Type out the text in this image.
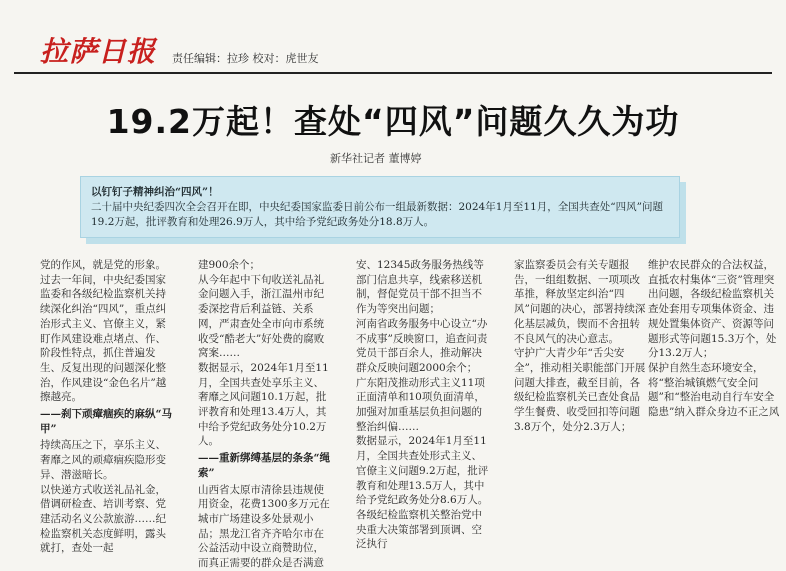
拉萨日报 责任编辑：拉珍 校对：虎世友
19.2万起！查处“四风”问题久久为功
新华社记者 董博婷
以钉钉子精神纠治“四风”！
二十届中央纪委四次全会召开在即，中央纪委国家监委日前公布一组最新数据：2024年1月至11月，全国共查处“四风”问题19.2万起，批评教育和处理26.9万人，其中给予党纪政务处分18.8万人。

党的作风，就是党的形象。

过去一年间，中央纪委国家监委和各级纪检监察机关持续深化纠治“四风”，重点纠治形式主义、官僚主义，紧盯作风建设难点堵点、作、阶段性特点，抓住普遍发生、反复出现的问题深化整治，作风建设“金色名片”越擦越亮。

——刹下顽瘴痼疾的麻纵“马甲”

持续高压之下，享乐主义、奢靡之风的顽瘴痼疾隐形变异、潜滋暗长。

以快递方式收送礼品礼金，借调研检查、培训考察、党建活动名义公款旅游……纪检监察机关态度鲜明，露头就打，查处一起

建900余个；

从今年起中下旬收送礼品礼金问题入手，浙江温州市纪委深挖背后利益链、关系网，严肃查处全市向市系统收受“酷老大”好处费的腐败窝案……

数据显示，2024年1月至11月，全国共查处享乐主义、奢靡之风问题10.1万起，批评教育和处理13.4万人，其中给予党纪政务处分10.2万人。

——重新绑缚基层的条条“绳索”

山西省太原市清徐县违规使用资金，花费1300多万元在城市广场建设多处景观小品；黑龙江省齐齐哈尔市在公益活动中设立商赞助位，而真正需要的群众是否满意

安、12345政务服务热线等部门信息共享，线索移送机制，督促党员干部不担当不作为等突出问题；

河南省政务服务中心设立“办不成事”反映窗口，追查问责党员干部百余人，推动解决群众反映问题2000余个；

广东阳茂推动形式主义11项正面清单和10项负面清单，加强对加重基层负担问题的整治纠偏……

数据显示，2024年1月至11月，全国共查处形式主义、官僚主义问题9.2万起，批评教育和处理13.5万人，其中给予党纪政务处分8.6万人。

各级纪检监察机关整治党中央重大决策部署到顶调、空泛执行

家监察委员会有关专题报告，一组组数据、一项项改革推，释放坚定纠治“四风”问题的决心，部署持续深化基层减负，锲而不舍扭转不良风气的决心意志。

守护广大青少年“舌尖安全”，推动相关职能部门开展问题大排查，截至目前，各级纪检监察机关已查处食品学生餐费、收受回扣等问题3.8万个，处分2.3万人；

维护农民群众的合法权益，直抵农村集体“三资”管理突出问题，各级纪检监察机关查处套用专项集体资金、违规处置集体资产、资源等问题形式等问题15.3万个，处分13.2万人；

保护自然生态环境安全，将“整治城镇燃气安全问题”和“整治电动自行车安全隐患”纳入群众身边不正之风
